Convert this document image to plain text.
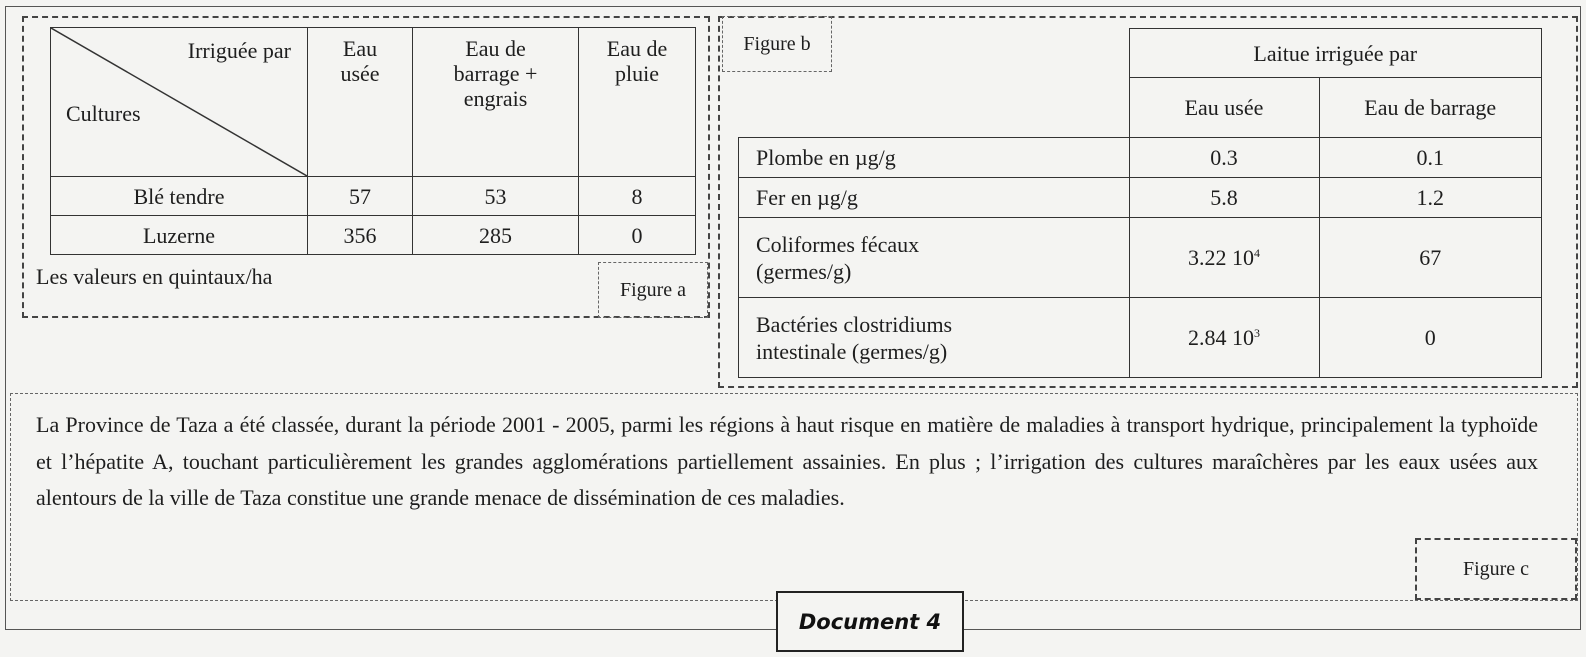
Irriguée par
Cultures

Eau
usée

Eau de
barrage +
engrais

Eau de
pluie

Blé tendre	57	53	8
Luzerne	356	285	0
Les valeurs en quintaux/ha
Figure a
Figure b
		Laitue irriguée par	
	Eau usée	Eau de barrage
Plombe en µg/g	0.3	0.1
Fer en µg/g	5.8	1.2

Coliformes fécaux
(germes/g)	3.22 $10^4$	67

Bactéries clostridiums
intestinale (germes/g)	2.84 $10^3$	0
La Province de Taza a été classée, durant la période 2001 - 2005, parmi les régions à haut risque en matière de maladies à transport hydrique, principalement la typhoïde et l’hépatite A, touchant particulièrement les grandes agglomérations partiellement assainies. En plus ; l’irrigation des cultures maraîchères par les eaux usées aux alentours de la ville de Taza constitue une grande menace de dissémination de ces maladies.
Figure c
Document 4
